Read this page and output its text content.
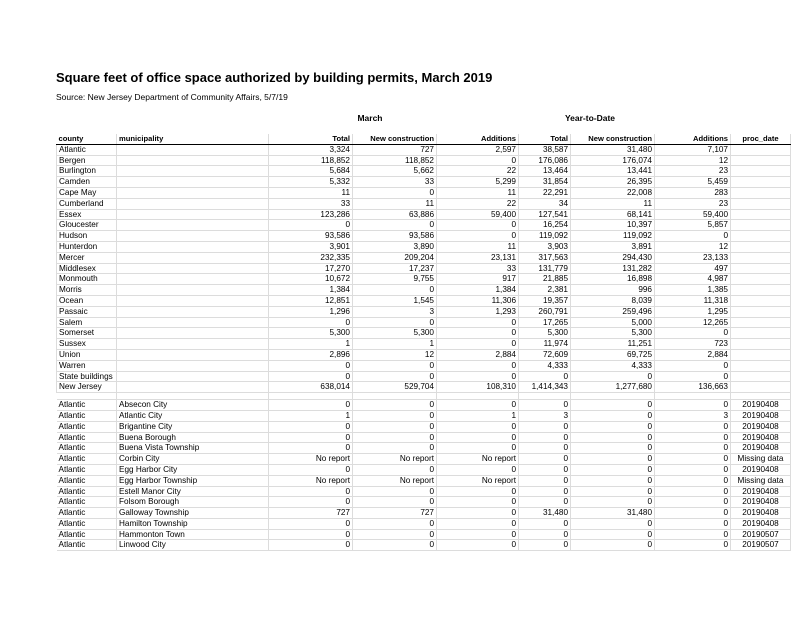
Square feet of office space authorized by building permits, March 2019
Source: New Jersey Department of Community Affairs, 5/7/19
March	Year-to-Date
county	municipality	Total	New construction	Additions	Total	New construction	Additions	proc_date
Atlantic		3,324	727	2,597	38,587	31,480	7,107	
Bergen		118,852	118,852	0	176,086	176,074	12	
Burlington		5,684	5,662	22	13,464	13,441	23	
Camden		5,332	33	5,299	31,854	26,395	5,459	
Cape May		11	0	11	22,291	22,008	283	
Cumberland		33	11	22	34	11	23	
Essex		123,286	63,886	59,400	127,541	68,141	59,400	
Gloucester		0	0	0	16,254	10,397	5,857	
Hudson		93,586	93,586	0	119,092	119,092	0	
Hunterdon		3,901	3,890	11	3,903	3,891	12	
Mercer		232,335	209,204	23,131	317,563	294,430	23,133	
Middlesex		17,270	17,237	33	131,779	131,282	497	
Monmouth		10,672	9,755	917	21,885	16,898	4,987	
Morris		1,384	0	1,384	2,381	996	1,385	
Ocean		12,851	1,545	11,306	19,357	8,039	11,318	
Passaic		1,296	3	1,293	260,791	259,496	1,295	
Salem		0	0	0	17,265	5,000	12,265	
Somerset		5,300	5,300	0	5,300	5,300	0	
Sussex		1	1	0	11,974	11,251	723	
Union		2,896	12	2,884	72,609	69,725	2,884	
Warren		0	0	0	4,333	4,333	0	
State buildings		0	0	0	0	0	0	
New Jersey		638,014	529,704	108,310	1,414,343	1,277,680	136,663	

Atlantic	Absecon City	0	0	0	0	0	0	20190408
Atlantic	Atlantic City	1	0	1	3	0	3	20190408
Atlantic	Brigantine City	0	0	0	0	0	0	20190408
Atlantic	Buena Borough	0	0	0	0	0	0	20190408
Atlantic	Buena Vista Township	0	0	0	0	0	0	20190408
Atlantic	Corbin City	No report	No report	No report	0	0	0	Missing data
Atlantic	Egg Harbor City	0	0	0	0	0	0	20190408
Atlantic	Egg Harbor Township	No report	No report	No report	0	0	0	Missing data
Atlantic	Estell Manor City	0	0	0	0	0	0	20190408
Atlantic	Folsom Borough	0	0	0	0	0	0	20190408
Atlantic	Galloway Township	727	727	0	31,480	31,480	0	20190408
Atlantic	Hamilton Township	0	0	0	0	0	0	20190408
Atlantic	Hammonton Town	0	0	0	0	0	0	20190507
Atlantic	Linwood City	0	0	0	0	0	0	20190507
